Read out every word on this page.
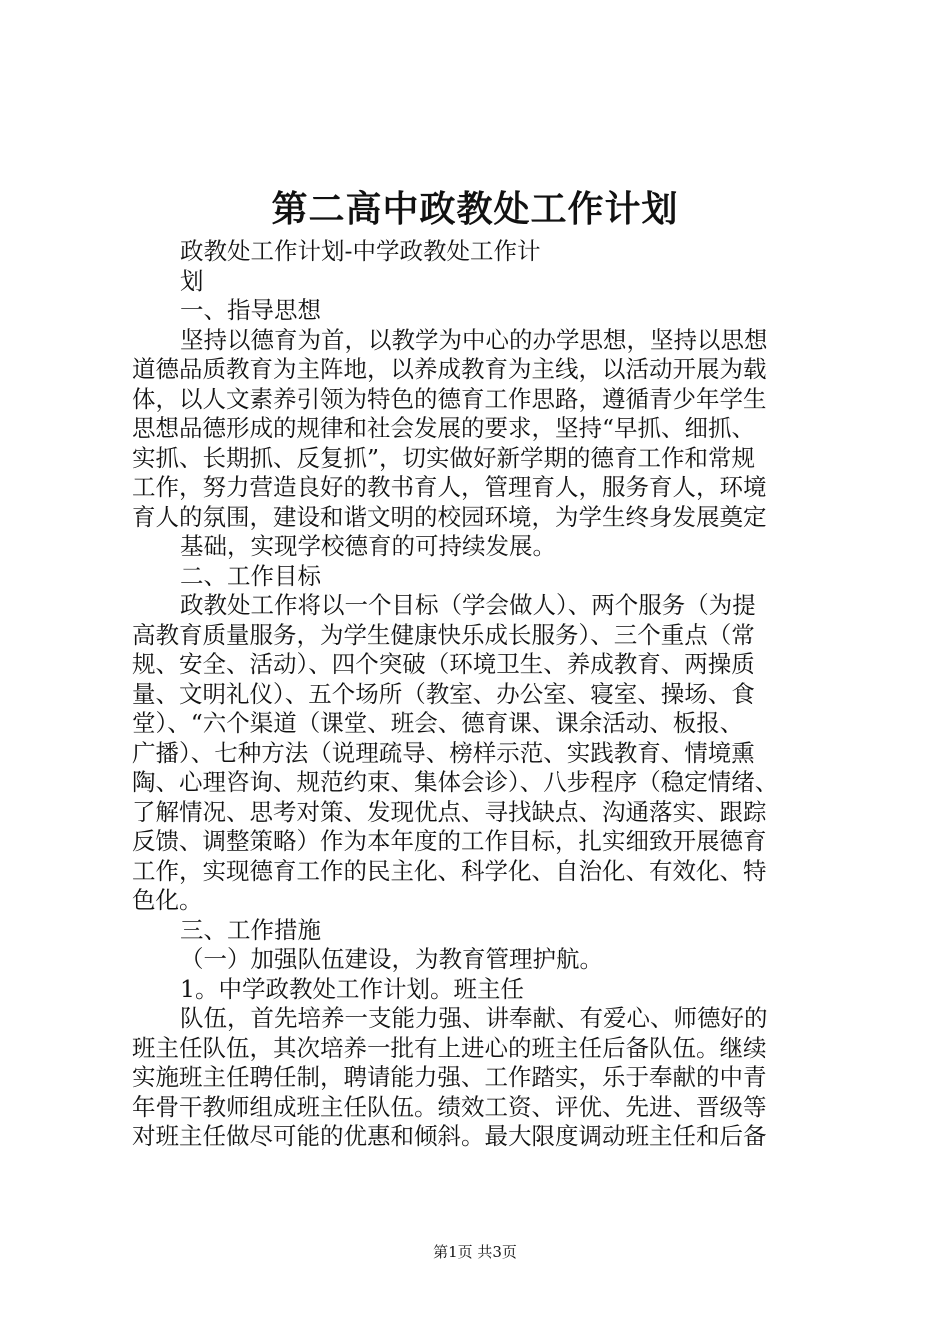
第二高中政教处工作计划
政教处工作计划-中学政教处工作计
划
一、指导思想
坚持以德育为首，以教学为中心的办学思想，坚持以思想
道德品质教育为主阵地，以养成教育为主线，以活动开展为载
体，以人文素养引领为特色的德育工作思路，遵循青少年学生
思想品德形成的规律和社会发展的要求，坚持“早抓、细抓、
实抓、长期抓、反复抓”，切实做好新学期的德育工作和常规
工作，努力营造良好的教书育人，管理育人，服务育人，环境
育人的氛围，建设和谐文明的校园环境，为学生终身发展奠定
基础，实现学校德育的可持续发展。
二、工作目标
政教处工作将以一个目标（学会做人）、两个服务（为提
高教育质量服务，为学生健康快乐成长服务）、三个重点（常
规、安全、活动）、四个突破（环境卫生、养成教育、两操质
量、文明礼仪）、五个场所（教室、办公室、寝室、操场、食
堂）、“六个渠道（课堂、班会、德育课、课余活动、板报、
广播）、七种方法（说理疏导、榜样示范、实践教育、情境熏
陶、心理咨询、规范约束、集体会诊）、八步程序（稳定情绪、
了解情况、思考对策、发现优点、寻找缺点、沟通落实、跟踪
反馈、调整策略）作为本年度的工作目标，扎实细致开展德育
工作，实现德育工作的民主化、科学化、自治化、有效化、特
色化。
三、工作措施
（一）加强队伍建设，为教育管理护航。
1。中学政教处工作计划。班主任
队伍，首先培养一支能力强、讲奉献、有爱心、师德好的
班主任队伍，其次培养一批有上进心的班主任后备队伍。继续
实施班主任聘任制，聘请能力强、工作踏实，乐于奉献的中青
年骨干教师组成班主任队伍。绩效工资、评优、先进、晋级等
对班主任做尽可能的优惠和倾斜。最大限度调动班主任和后备
第1页 共3页
